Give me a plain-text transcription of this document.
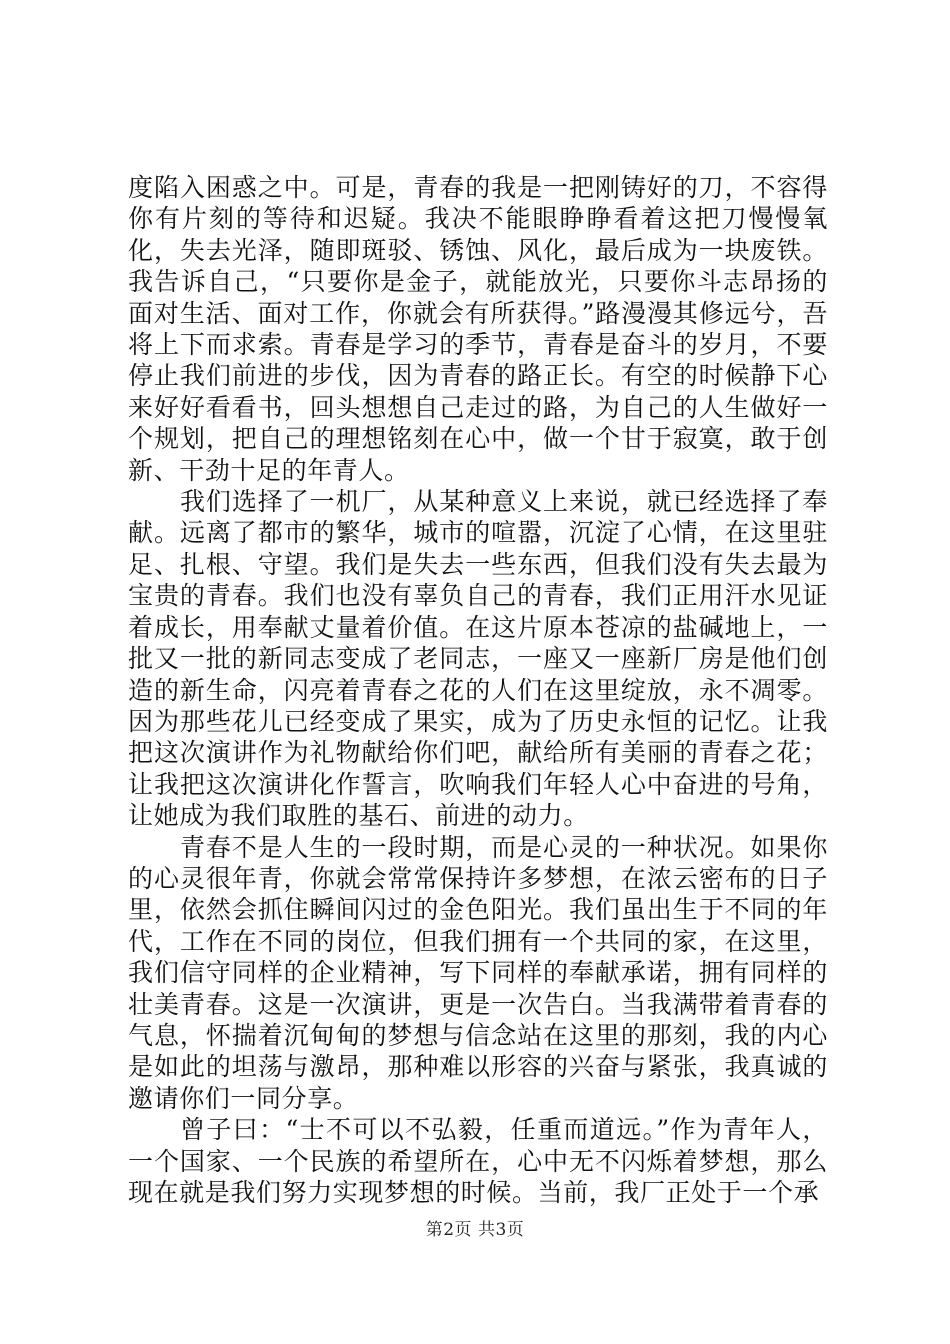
度陷入困惑之中。可是，青春的我是一把刚铸好的刀，不容得你有片刻的等待和迟疑。我决不能眼睁睁看着这把刀慢慢氧化，失去光泽，随即斑驳、锈蚀、风化，最后成为一块废铁。我告诉自己，“只要你是金子，就能放光，只要你斗志昂扬的面对生活、面对工作，你就会有所获得。”路漫漫其修远兮，吾将上下而求索。青春是学习的季节，青春是奋斗的岁月，不要停止我们前进的步伐，因为青春的路正长。有空的时候静下心来好好看看书，回头想想自己走过的路，为自己的人生做好一个规划，把自己的理想铭刻在心中，做一个甘于寂寞，敢于创新、干劲十足的年青人。

我们选择了一机厂，从某种意义上来说，就已经选择了奉献。远离了都市的繁华，城市的喧嚣，沉淀了心情，在这里驻足、扎根、守望。我们是失去一些东西，但我们没有失去最为宝贵的青春。我们也没有辜负自己的青春，我们正用汗水见证着成长，用奉献丈量着价值。在这片原本苍凉的盐碱地上，一批又一批的新同志变成了老同志，一座又一座新厂房是他们创造的新生命，闪亮着青春之花的人们在这里绽放，永不凋零。因为那些花儿已经变成了果实，成为了历史永恒的记忆。让我把这次演讲作为礼物献给你们吧，献给所有美丽的青春之花；让我把这次演讲化作誓言，吹响我们年轻人心中奋进的号角，让她成为我们取胜的基石、前进的动力。

青春不是人生的一段时期，而是心灵的一种状况。如果你的心灵很年青，你就会常常保持许多梦想，在浓云密布的日子里，依然会抓住瞬间闪过的金色阳光。我们虽出生于不同的年代，工作在不同的岗位，但我们拥有一个共同的家，在这里，我们信守同样的企业精神，写下同样的奉献承诺，拥有同样的壮美青春。这是一次演讲，更是一次告白。当我满带着青春的气息，怀揣着沉甸甸的梦想与信念站在这里的那刻，我的内心是如此的坦荡与激昂，那种难以形容的兴奋与紧张，我真诚的邀请你们一同分享。

曾子曰：“士不可以不弘毅，任重而道远。”作为青年人，一个国家、一个民族的希望所在，心中无不闪烁着梦想，那么现在就是我们努力实现梦想的时候。当前，我厂正处于一个承

第2页 共3页
